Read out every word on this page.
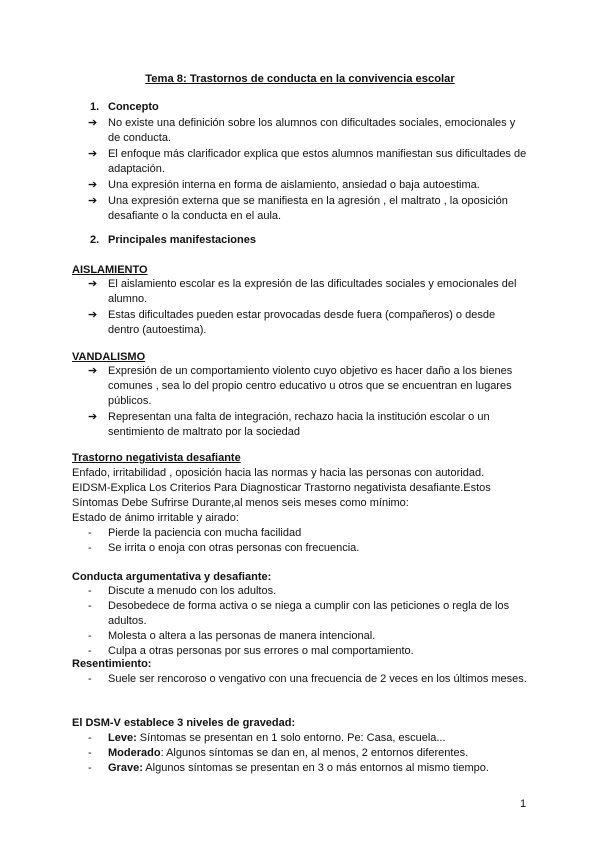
Tema 8: Trastornos de conducta en la convivencia escolar
1. Concepto
➔ No existe una definición sobre los alumnos con dificultades sociales, emocionales y de conducta.
➔ El enfoque más clarificador explica que estos alumnos manifiestan sus dificultades de adaptación.
➔ Una expresión interna en forma de aislamiento, ansiedad o baja autoestima.
➔ Una expresión externa que se manifiesta en la agresión , el maltrato , la oposición desafiante o la conducta en el aula.
2. Principales manifestaciones
AISLAMIENTO
➔ El aislamiento escolar es la expresión de las dificultades sociales y emocionales del alumno.
➔ Estas dificultades pueden estar provocadas desde fuera (compañeros) o desde dentro (autoestima).
VANDALISMO
➔ Expresión de un comportamiento violento cuyo objetivo es hacer daño a los bienes comunes , sea lo del propio centro educativo u otros que se encuentran en lugares públicos.
➔ Representan una falta de integración, rechazo hacia la institución escolar o un sentimiento de maltrato por la sociedad
Trastorno negativista desafiante
Enfado, irritabilidad , oposición hacia las normas y hacia las personas con autoridad.
EIDSM-Explica Los Criterios Para Diagnosticar Trastorno negativista desafiante.Estos Síntomas Debe Sufrirse Durante,al menos seis meses como mínimo:
Estado de ánimo irritable y airado:
- Pierde la paciencia con mucha facilidad
- Se irrita o enoja con otras personas con frecuencia.
Conducta argumentativa y desafiante:
- Discute a menudo con los adultos.
- Desobedece de forma activa o se niega a cumplir con las peticiones o regla de los adultos.
- Molesta o altera a las personas de manera intencional.
- Culpa a otras personas por sus errores o mal comportamiento.
Resentimiento:
- Suele ser rencoroso o vengativo con una frecuencia de 2 veces en los últimos meses.
El DSM-V establece 3 niveles de gravedad:
- Leve: Síntomas se presentan en 1 solo entorno. Pe: Casa, escuela...
- Moderado: Algunos síntomas se dan en, al menos, 2 entornos diferentes.
- Grave: Algunos síntomas se presentan en 3 o más entornos al mismo tiempo.
1
